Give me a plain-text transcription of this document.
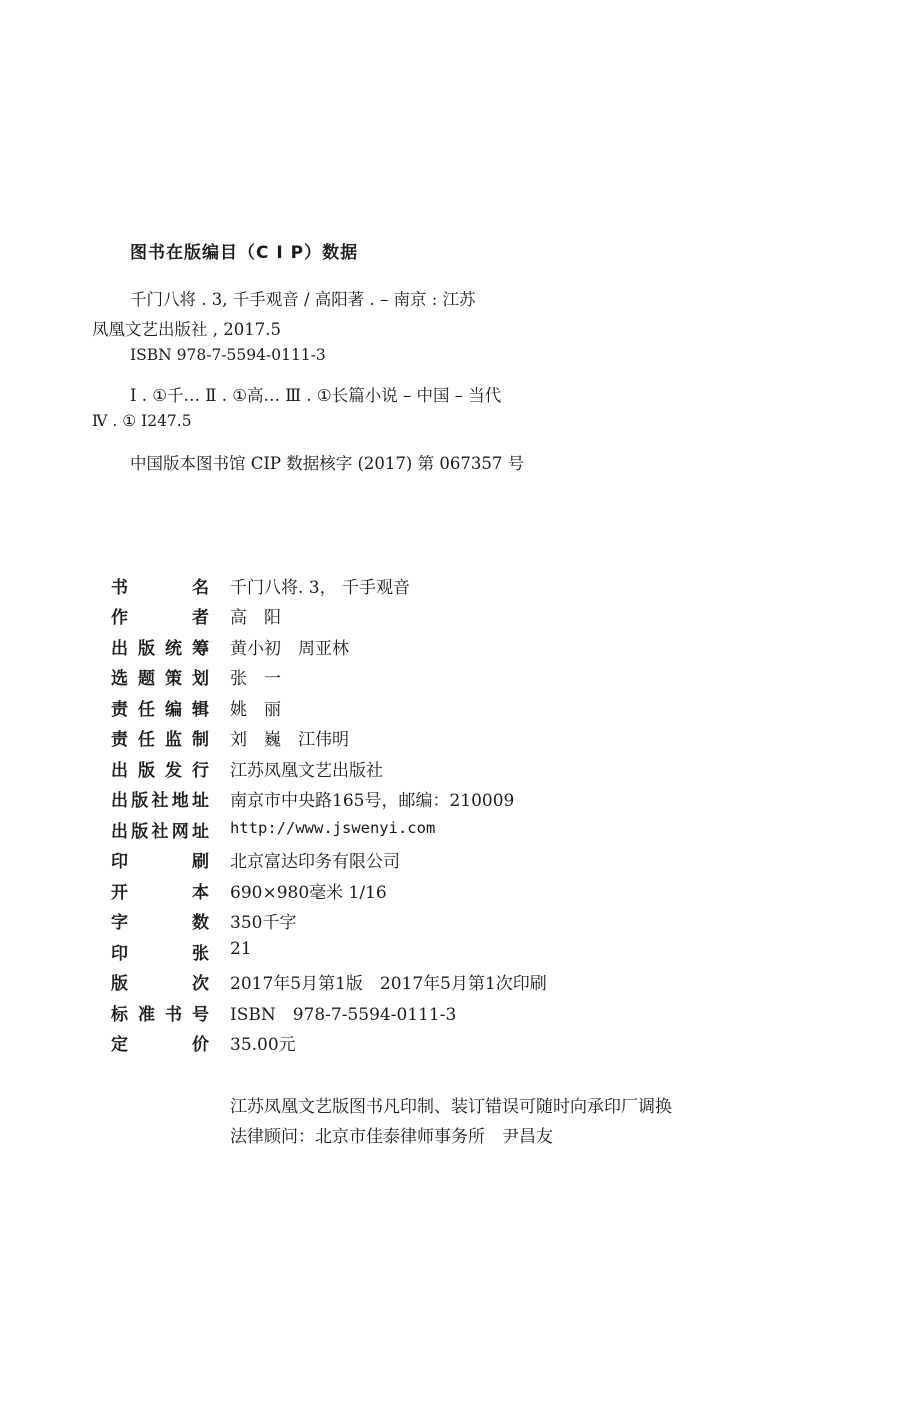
图书在版编目（C I P）数据
千门八将 . 3, 千手观音 / 高阳著 . – 南京 : 江苏
凤凰文艺出版社 , 2017.5
ISBN 978-7-5594-0111-3
Ⅰ . ①千… Ⅱ . ①高… Ⅲ . ①长篇小说 – 中国 – 当代
Ⅳ . ① I247.5
中国版本图书馆 CIP 数据核字 (2017) 第 067357 号
书名 千门八将. 3， 千手观音
作者 高　阳
出版统筹 黄小初　周亚林
选题策划 张　一
责任编辑 姚　丽
责任监制 刘　巍　江伟明
出版发行 江苏凤凰文艺出版社
出版社地址 南京市中央路165号，邮编：210009
出版社网址 http://www.jswenyi.com
印刷 北京富达印务有限公司
开本 690×980毫米 1/16
字数 350千字
印张 21
版次 2017年5月第1版　2017年5月第1次印刷
标准书号 ISBN　978-7-5594-0111-3
定价 35.00元
江苏凤凰文艺版图书凡印制、装订错误可随时向承印厂调换
法律顾问：北京市佳泰律师事务所　尹昌友
